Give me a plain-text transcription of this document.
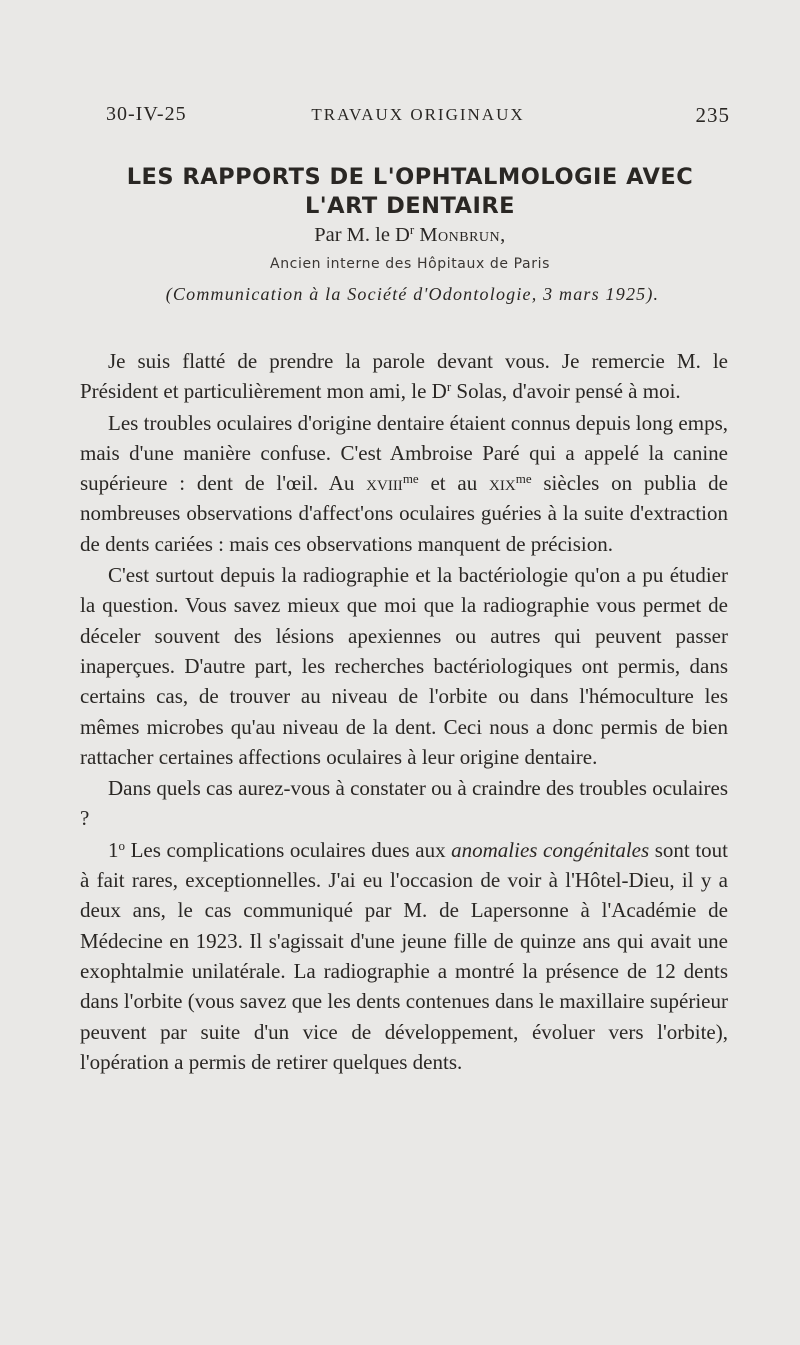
30-IV-25	TRAVAUX ORIGINAUX	235
LES RAPPORTS DE L'OPHTALMOLOGIE AVEC
L'ART DENTAIRE
Par M. le $D^r$ Monbrun,
Ancien interne des Hôpitaux de Paris
(Communication à la Société d'Odontologie, 3 mars 1925).

Je suis flatté de prendre la parole devant vous. Je remercie M. le Président et particulièrement mon ami, le $D^r$ Solas, d'avoir pensé à moi.

Les troubles oculaires d'origine dentaire étaient connus depuis long emps, mais d'une manière confuse. C'est Ambroise Paré qui a appelé la canine supérieure : dent de l'œil. Au xviii$^{me}$ et au xix$^{me}$ siècles on publia de nombreuses observations d'affect'ons oculaires guéries à la suite d'extraction de dents cariées : mais ces observations manquent de précision.

C'est surtout depuis la radiographie et la bactériologie qu'on a pu étudier la question. Vous savez mieux que moi que la radiographie vous permet de déceler souvent des lésions apexiennes ou autres qui peuvent passer inaperçues. D'autre part, les recherches bactériologiques ont permis, dans certains cas, de trouver au niveau de l'orbite ou dans l'hémoculture les mêmes microbes qu'au niveau de la dent. Ceci nous a donc permis de bien rattacher certaines affections oculaires à leur origine dentaire.

Dans quels cas aurez-vous à constater ou à craindre des troubles oculaires ?

1$^o$ Les complications oculaires dues aux anomalies congénitales sont tout à fait rares, exceptionnelles. J'ai eu l'occasion de voir à l'Hôtel-Dieu, il y a deux ans, le cas communiqué par M. de Lapersonne à l'Académie de Médecine en 1923. Il s'agissait d'une jeune fille de quinze ans qui avait une exophtalmie unilatérale. La radiographie a montré la présence de 12 dents dans l'orbite (vous savez que les dents contenues dans le maxillaire supérieur peuvent par suite d'un vice de développement, évoluer vers l'orbite), l'opération a permis de retirer quelques dents.
